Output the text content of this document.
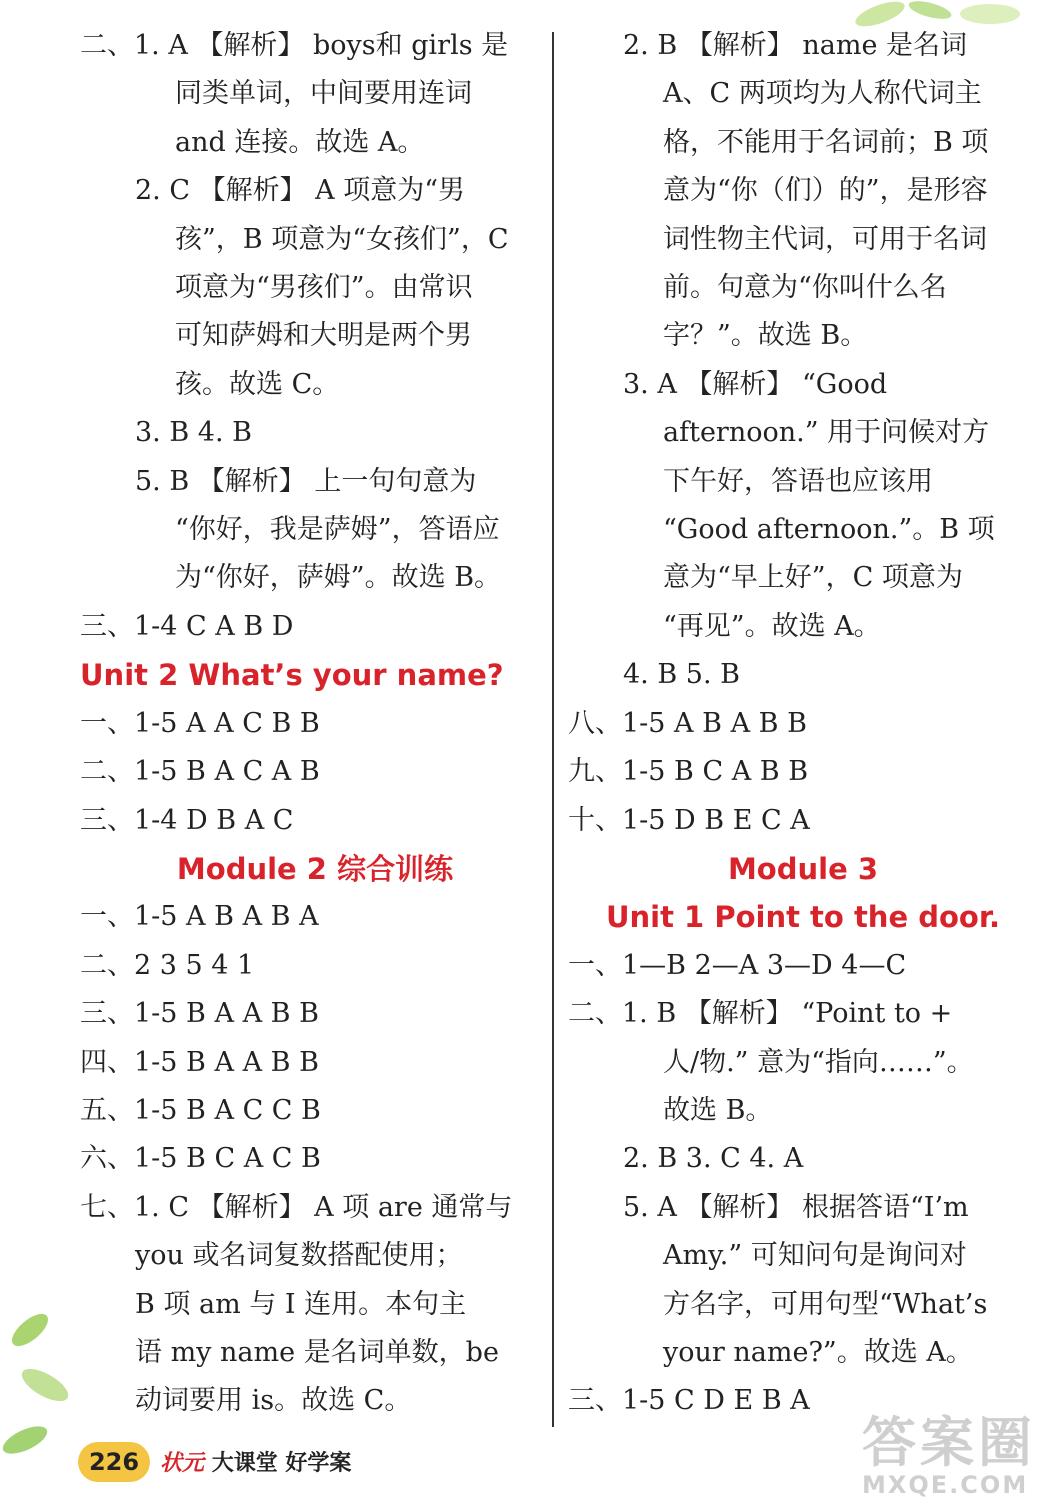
二、1. A 【解析】 boys和 girls 是
同类单词，中间要用连词
and 连接。故选 A。
2. C 【解析】 A 项意为“男
孩”，B 项意为“女孩们”，C
项意为“男孩们”。由常识
可知萨姆和大明是两个男
孩。故选 C。
3. B 4. B
5. B 【解析】 上一句句意为
“你好，我是萨姆”，答语应
为“你好，萨姆”。故选 B。
三、1-4 C A B D
Unit 2 What’s your name?
一、1-5 A A C B B
二、1-5 B A C A B
三、1-4 D B A C
Module 2 综合训练
一、1-5 A B A B A
二、2 3 5 4 1
三、1-5 B A A B B
四、1-5 B A A B B
五、1-5 B A C C B
六、1-5 B C A C B
七、1. C 【解析】 A 项 are 通常与
you 或名词复数搭配使用；
B 项 am 与 I 连用。本句主
语 my name 是名词单数，be
动词要用 is。故选 C。
2. B 【解析】 name 是名词
A、C 两项均为人称代词主
格，不能用于名词前；B 项
意为“你（们）的”，是形容
词性物主代词，可用于名词
前。句意为“你叫什么名
字？”。故选 B。
3. A 【解析】 “Good
afternoon.” 用于问候对方
下午好，答语也应该用
“Good afternoon.”。B 项
意为“早上好”，C 项意为
“再见”。故选 A。
4. B 5. B
八、1-5 A B A B B
九、1-5 B C A B B
十、1-5 D B E C A
Module 3
Unit 1 Point to the door.
一、1—B 2—A 3—D 4—C
二、1. B 【解析】 “Point to +
人/物.” 意为“指向……”。
故选 B。
2. B 3. C 4. A
5. A 【解析】 根据答语“I’m
Amy.” 可知问句是询问对
方名字，可用句型“What’s
your name?”。故选 A。
三、1-5 C D E B A
226 状元 大课堂 好学案	答案圈
MXQE.COM
